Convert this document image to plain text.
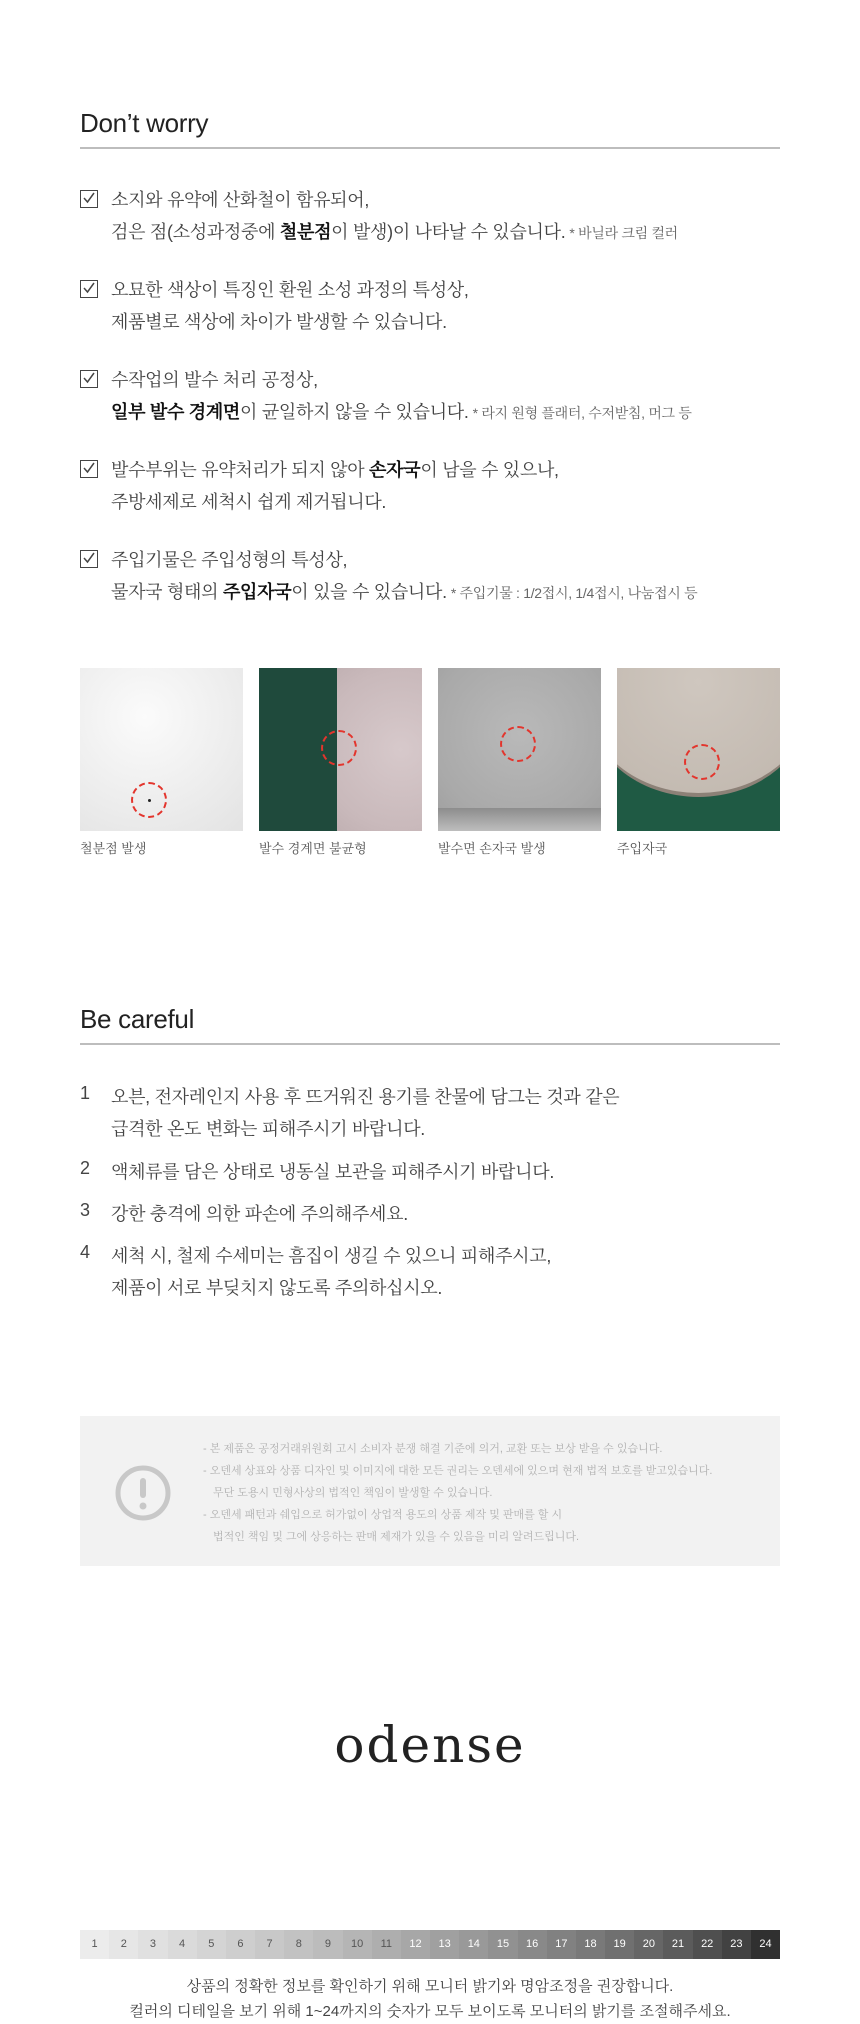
Don’t worry
소지와 유약에 산화철이 함유되어,
검은 점(소성과정중에 철분점이 발생)이 나타날 수 있습니다. * 바닐라 크림 컬러
오묘한 색상이 특징인 환원 소성 과정의 특성상,
제품별로 색상에 차이가 발생할 수 있습니다.
수작업의 발수 처리 공정상,
일부 발수 경계면이 균일하지 않을 수 있습니다. * 라지 원형 플래터, 수저받침, 머그 등
발수부위는 유약처리가 되지 않아 손자국이 남을 수 있으나,
주방세제로 세척시 쉽게 제거됩니다.
주입기물은 주입성형의 특성상,
물자국 형태의 주입자국이 있을 수 있습니다. * 주입기물 : 1/2접시, 1/4접시, 나눔접시 등
철분점 발생	발수 경계면 불균형	발수면 손자국 발생	주입자국
Be careful
1 오븐, 전자레인지 사용 후 뜨거워진 용기를 찬물에 담그는 것과 같은
급격한 온도 변화는 피해주시기 바랍니다.
2 액체류를 담은 상태로 냉동실 보관을 피해주시기 바랍니다.
3 강한 충격에 의한 파손에 주의해주세요.
4 세척 시, 철제 수세미는 흠집이 생길 수 있으니 피해주시고,
제품이 서로 부딪치지 않도록 주의하십시오.
- 본 제품은 공정거래위원회 고시 소비자 분쟁 해결 기준에 의거, 교환 또는 보상 받을 수 있습니다.
- 오덴세 상표와 상품 디자인 및 이미지에 대한 모든 권리는 오덴세에 있으며 현재 법적 보호를 받고있습니다.
무단 도용시 민형사상의 법적인 책임이 발생할 수 있습니다.
- 오덴세 패턴과 쉐입으로 허가없이 상업적 용도의 상품 제작 및 판매를 할 시
법적인 책임 및 그에 상응하는 판매 제재가 있을 수 있음을 미리 알려드립니다.
odense
1	2	3	4	5	6	7	8	9	10	11	12	13	14	15	16	17	18	19	20	21	22	23	24
상품의 정확한 정보를 확인하기 위해 모니터 밝기와 명암조정을 권장합니다.
컬러의 디테일을 보기 위해 1~24까지의 숫자가 모두 보이도록 모니터의 밝기를 조절해주세요.
